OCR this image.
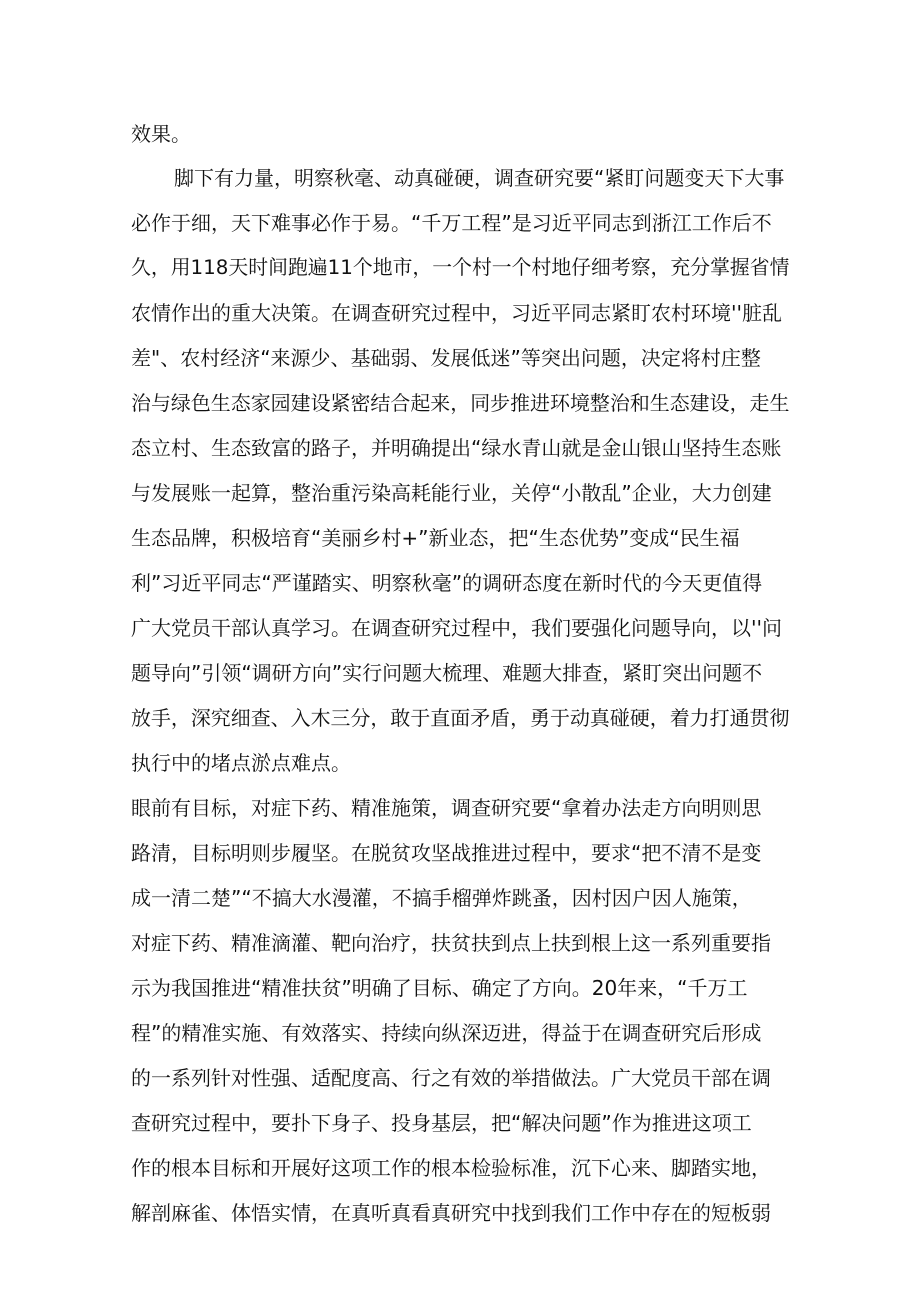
效果。
脚下有力量，明察秋毫、动真碰硬，调查研究要“紧盯问题变天下大事
必作于细，天下难事必作于易。“千万工程”是习近平同志到浙江工作后不
久，用118天时间跑遍11个地市，一个村一个村地仔细考察，充分掌握省情
农情作出的重大决策。在调查研究过程中，习近平同志紧盯农村环境''脏乱
差"、农村经济“来源少、基础弱、发展低迷”等突出问题，决定将村庄整
治与绿色生态家园建设紧密结合起来，同步推进环境整治和生态建设，走生
态立村、生态致富的路子，并明确提出“绿水青山就是金山银山坚持生态账
与发展账一起算，整治重污染高耗能行业，关停“小散乱”企业，大力创建
生态品牌，积极培育“美丽乡村+”新业态，把“生态优势”变成“民生福
利”习近平同志“严谨踏实、明察秋毫”的调研态度在新时代的今天更值得
广大党员干部认真学习。在调查研究过程中，我们要强化问题导向，以''问
题导向”引领“调研方向”实行问题大梳理、难题大排查，紧盯突出问题不
放手，深究细查、入木三分，敢于直面矛盾，勇于动真碰硬，着力打通贯彻
执行中的堵点淤点难点。
眼前有目标，对症下药、精准施策，调查研究要“拿着办法走方向明则思
路清，目标明则步履坚。在脱贫攻坚战推进过程中，要求“把不清不是变
成一清二楚”“不搞大水漫灌，不搞手榴弹炸跳蚤，因村因户因人施策，
对症下药、精准滴灌、靶向治疗，扶贫扶到点上扶到根上这一系列重要指
示为我国推进“精准扶贫”明确了目标、确定了方向。20年来，“千万工
程”的精准实施、有效落实、持续向纵深迈进，得益于在调查研究后形成
的一系列针对性强、适配度高、行之有效的举措做法。广大党员干部在调
查研究过程中，要扑下身子、投身基层，把“解决问题”作为推进这项工
作的根本目标和开展好这项工作的根本检验标准，沉下心来、脚踏实地，
解剖麻雀、体悟实情，在真听真看真研究中找到我们工作中存在的短板弱
